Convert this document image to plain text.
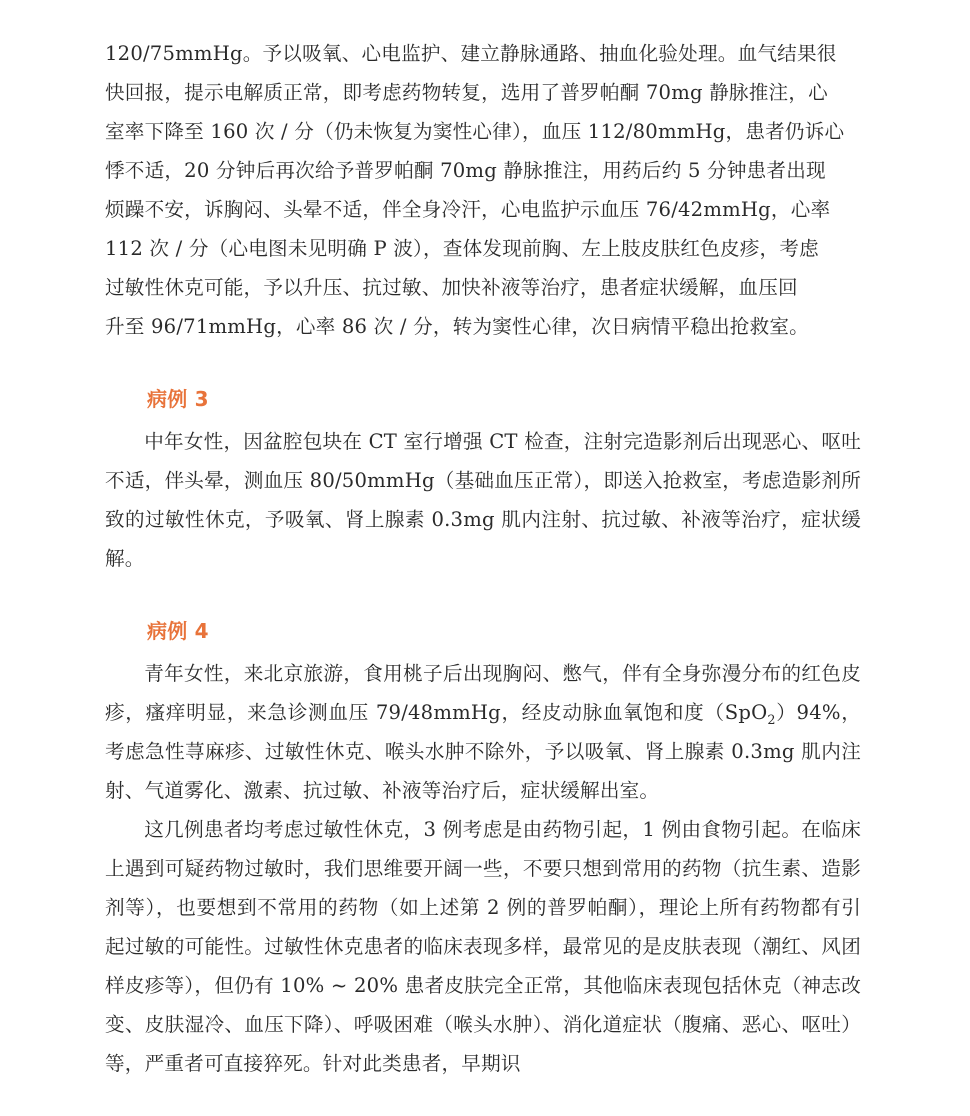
120/75mmHg。予以吸氧、心电监护、建立静脉通路、抽血化验处理。血气结果很
快回报，提示电解质正常，即考虑药物转复，选用了普罗帕酮 70mg 静脉推注，心
室率下降至 160 次 / 分（仍未恢复为窦性心律），血压 112/80mmHg，患者仍诉心
悸不适，20 分钟后再次给予普罗帕酮 70mg 静脉推注，用药后约 5 分钟患者出现
烦躁不安，诉胸闷、头晕不适，伴全身冷汗，心电监护示血压 76/42mmHg，心率
112 次 / 分（心电图未见明确 P 波），查体发现前胸、左上肢皮肤红色皮疹，考虑
过敏性休克可能，予以升压、抗过敏、加快补液等治疗，患者症状缓解，血压回
升至 96/71mmHg，心率 86 次 / 分，转为窦性心律，次日病情平稳出抢救室。
病例 3

中年女性，因盆腔包块在 CT 室行增强 CT 检查，注射完造影剂后出现恶心、呕吐不适，伴头晕，测血压 80/50mmHg（基础血压正常），即送入抢救室，考虑造影剂所致的过敏性休克，予吸氧、肾上腺素 0.3mg 肌内注射、抗过敏、补液等治疗，症状缓解。

病例 4

青年女性，来北京旅游，食用桃子后出现胸闷、憋气，伴有全身弥漫分布的红色皮疹，瘙痒明显，来急诊测血压 79/48mmHg，经皮动脉血氧饱和度（SpO$_2$）94%，考虑急性荨麻疹、过敏性休克、喉头水肿不除外，予以吸氧、肾上腺素 0.3mg 肌内注射、气道雾化、激素、抗过敏、补液等治疗后，症状缓解出室。

这几例患者均考虑过敏性休克，3 例考虑是由药物引起，1 例由食物引起。在临床上遇到可疑药物过敏时，我们思维要开阔一些，不要只想到常用的药物（抗生素、造影剂等），也要想到不常用的药物（如上述第 2 例的普罗帕酮），理论上所有药物都有引起过敏的可能性。过敏性休克患者的临床表现多样，最常见的是皮肤表现（潮红、风团样皮疹等），但仍有 10% ~ 20% 患者皮肤完全正常，其他临床表现包括休克（神志改变、皮肤湿冷、血压下降）、呼吸困难（喉头水肿）、消化道症状（腹痛、恶心、呕吐）等，严重者可直接猝死。针对此类患者，早期识
